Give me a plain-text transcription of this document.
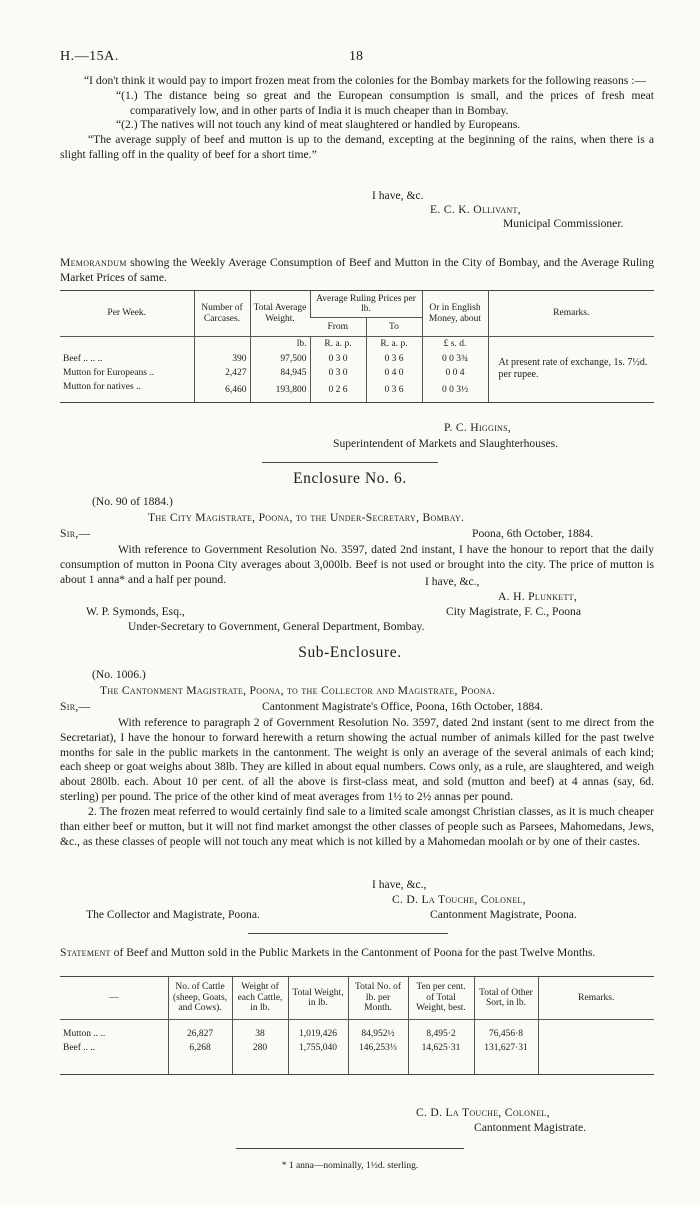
H.—15A.	18

“I don't think it would pay to import frozen meat from the colonies for the Bombay markets for the following reasons :—

“(1.) The distance being so great and the European consumption is small, and the prices of fresh meat comparatively low, and in other parts of India it is much cheaper than in Bombay.

“(2.) The natives will not touch any kind of meat slaughtered or handled by Europeans.

“The average supply of beef and mutton is up to the demand, excepting at the beginning of the rains, when there is a slight falling off in the quality of beef for a short time.”

I have, &c.
E. C. K. Ollivant,
Municipal Commissioner.
Memorandum showing the Weekly Average Consumption of Beef and Mutton in the City of Bombay, and the Average Ruling Market Prices of same.
Per Week.	Number of Carcases.	Total Average Weight.	Average Ruling Prices per lb.		Or in English Money, about	Remarks.
			From	To		
		lb.	R. a. p.	R. a. p.	£ s. d.	At present rate of exchange, 1s. 7½d. per rupee.
Beef .. .. ..	390	97,500	0 3 0	0 3 6	0 0 3¾	
Mutton for Europeans ..	2,427	84,945	0 3 0	0 4 0	0 0 4	
Mutton for natives ..	6,460	193,800	0 2 6	0 3 6	0 0 3½	
P. C. Higgins,
Superintendent of Markets and Slaughterhouses.
Enclosure No. 6.
(No. 90 of 1884.)
The City Magistrate, Poona, to the Under-Secretary, Bombay.
Sir,—	Poona, 6th October, 1884.

With reference to Government Resolution No. 3597, dated 2nd instant, I have the honour to report that the daily consumption of mutton in Poona City averages about 3,000lb. Beef is not used or brought into the city. The price of mutton is about 1 anna* and a half per pound.	I have, &c.,
A. H. Plunkett,
W. P. Symonds, Esq.,	City Magistrate, F. C., Poona
Under-Secretary to Government, General Department, Bombay.
Sub-Enclosure.
(No. 1006.)
The Cantonment Magistrate, Poona, to the Collector and Magistrate, Poona.
Sir,—	Cantonment Magistrate's Office, Poona, 16th October, 1884.

With reference to paragraph 2 of Government Resolution No. 3597, dated 2nd instant (sent to me direct from the Secretariat), I have the honour to forward herewith a return showing the actual number of animals killed for the past twelve months for sale in the public markets in the cantonment. The weight is only an average of the several animals of each kind; each sheep or goat weighs about 38lb. They are killed in about equal numbers. Cows only, as a rule, are slaughtered, and weigh about 280lb. each. About 10 per cent. of all the above is first-class meat, and sold (mutton and beef) at 4 annas (say, 6d. sterling) per pound. The price of the other kind of meat averages from 1½ to 2½ annas per pound.

2. The frozen meat referred to would certainly find sale to a limited scale amongst Christian classes, as it is much cheaper than either beef or mutton, but it will not find market amongst the other classes of people such as Parsees, Mahomedans, Jews, &c., as these classes of people will not touch any meat which is not killed by a Mahomedan moolah or by one of their castes.

I have, &c.,
C. D. La Touche, Colonel,
The Collector and Magistrate, Poona.	Cantonment Magistrate, Poona.
Statement of Beef and Mutton sold in the Public Markets in the Cantonment of Poona for the past Twelve Months.
—	No. of Cattle (sheep, Goats, and Cows).	Weight of each Cattle, in lb.	Total Weight, in lb.	Total No. of lb. per Month.	Ten per cent. of Total Weight, best.	Total of Other Sort, in lb.	Remarks.

Mutton .. ..	26,827	38	1,019,426	84,952½	8,495·2	76,456·8	
Beef .. ..	6,268	280	1,755,040	146,253⅓	14,625·31	131,627·31	

C. D. La Touche, Colonel,
Cantonment Magistrate.
* 1 anna—nominally, 1½d. sterling.
